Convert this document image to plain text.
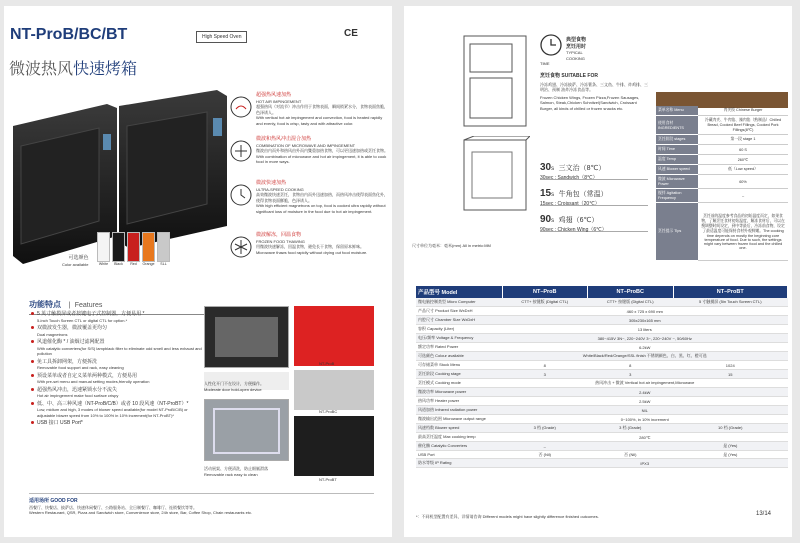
NT-ProB/BC/BT	High Speed Oven	CE
微波热风快速烤箱
超强热风速加热
HOT AIR IMPINGEMENT
超强热风（对流节）冲击作用于食物表面，瞬间锁紧水分，食物表面焦脆，色泽诱人。
With vertical hot air impingement and convection, food is heated rapidly and evenly, food is crisp, tasty and with attractive color.
微波和热风冲击混合加热
COMBINATION OF MICROWAVE AND IMPINGEMENT
微波由内而外和热风由外而内雙重加热食物，可以更迅速加热或烹饪食物。
With combination of microwave and hot air impingement, it is able to cook food in more ways.
微波快速加热
ULTRA-SPEED COOKING
高效微波快速烹饪，食物由内而外迅速加热，而热风冲击使得表面焦化外，使得食物表面酥脆，色泽诱人。
With high efficient magnetrons on top, food is cooked ultra rapidly without significant loss of moisture in the food due to hot air impingement.
微波解冻，回温食物
FROZEN FOOD THAWING
用微波快速解冻，回温食物，避免长干食物，保留原本鲜味。
Microwave thaws food rapidly without drying out food moisture.
可选颜色
Color available	White	Black	Red	Orange	SLL
功能特点 | Features
5 英寸触摸屏或者按键电子式控制器，方便易用 *
5-inch Touch Screen CTL or digital CTL for option.*
双微波发生器，微波覆盖更均匀
Dual magnetrons
风道催化酶 * / 油烟过滤网配置
With catalytic converters(for S/S) lampblack filter to eliminate odd smell and less exhaust and pollution
免工具拆卸网架，方便拆洗
Removable food support and rack, easy cleaning
预设菜单或者自定义菜单两种模式，方便易用
With pre-set menu and manual setting modes,friendly operation
超强热风冲击，迅速紧锁水分不流失
Hot air impingement make food surface crispy
低、中、高三种风速（NT-ProB/C/B）或者 10 段风速（NT-ProBT）*
Low, midium and high, 3 modes of blower speed available(for model NT-ProB/C/B) or adjustable blower speed from 10% to 100% in 10% increment(for NT-ProBT)*
USB 接口 USB Port*
NT-ProB
人性化开门不在设计，方便操作。
Moderate door hold-open device
NT-ProBC
NT-ProBT
活动展架、方便清洗，防止细腻滑落
Removable rack easy to clean
适用场所 GOOD FOR
西餐厅、快餐店、披萨店、快速休闲餐厅、公路服务站、全日制餐厅、咖啡厅、连锁餐饮等等。
Western Restaurant, QSR, Pizza and Sandwich store, Convenience store, 24h store, Bar, Coffee Shop, Chain restaurants etc.
尺寸单位为毫米：毫米(mm) All in metric:MM
典型食物烹饪用时
TYPICAL COOKING TIME
烹饪食物 SUITABLE FOR
冷冻鸡翅、冷冻披萨、冷冻薯条、三文鱼、牛排、炸鸡排、三明治、预制 油炸冷冻食品等。
Frozen Chicken Wings, Frozen Pizza,Frozen Sausages, Salmon, Steak,Chicken Schnitzel(Sandwich, Croissant Burger, all kinds of chilled or frozen snacks etc.
30s 三文治（8℃）
30sec : Sandwich（8℃）
15s 牛角包（常温）
15sec : Croissant（20℃）
90s 鸡翅（6℃）
90sec : Chicken Wing（6℃）
菜单名称 Menu	肉夹馍 Chinese Burger
使用食材 INGREDIENTS	冷藏肉夹、牛肉馅、辣肉馅（熟制品）Chilled Bread, Cooked Beef Fillings, Cooked Pork Fillings(8℃)
烹饪阶段 stages	第一段 stage 1
时间 Time	60 S
温度 Temp	260℃
风速 Blower speed	低（Low speed）
微波 Microwave Power	60%
搅拌 Agitation Frequency	–
烹饪提示 Tips	烹饪前的温度参考食品的初始温度而定，如果食物，了解烹饪食材初始温度，解冻食材后，可以在搜调整时间设定，到中等最后，冷冻前食物，设定了最适温度可能保持食材外观鲜嫩。The cooking time depends on mostly the beginning core temperature of food. Due to such, the settings might vary between frozen food and the chilled one.
产品型号 Model	NT–ProB	NT–ProBC	NT–ProBT
微电脑控制类型 Micro Computer	CTT+ 按键版 (Digital CTL)	CTT+ 按键版 (Digital CTL)	5 寸触摸屏 (5in Touch Screen CTL)
产品尺寸 Product Size WxDxH	460 x 725 x 690 mm		
内腔尺寸 Chamber Size WxDxH	305x230x165 mm		
容积 Capacity (Liter)	13 liters		
电压/频率 Voltage & Frequency	380~415V 3N~, 220~240V 3~, 220~240V ~, 50/60Hz		
额定功率 Rated Power	6.2kW		
可选颜色 Colour available	White/Black/Red/Orange/SSL finish 不锈钢颜色、白、黑、红、橙可选		
可存储菜单 Stock Menu	8	8	1024
烹饪阶段 Cooking stage	3	3	15
烹饪模式 Cooking mode	热风冲击 + 微波 Vertical hot air impingement,Microwave		
微波功率 Microwave power	2.4kW		
热风功率 Heater power	2.5kW		
风道加热 Infrared radiation power	NIL		
微波输出范围 Microwave output range	0~100%, in 10% increment		
风速档数 Blower speed	3 档 (Grade)	3 档 (Grade)	10 档 (Grade)
最高烹饪温度 Max cooking temp	280℃		
催化酶 Catalytic Converters	–		是 (Yes)
USB Port	否 (Nil)	否 (Nil)	是 (Yes)
防水等级 IP Rating	IPX3		
*：不同机型配置有差异，详情请咨询 Different models might have slightly difference finished outcomes.	13/14
